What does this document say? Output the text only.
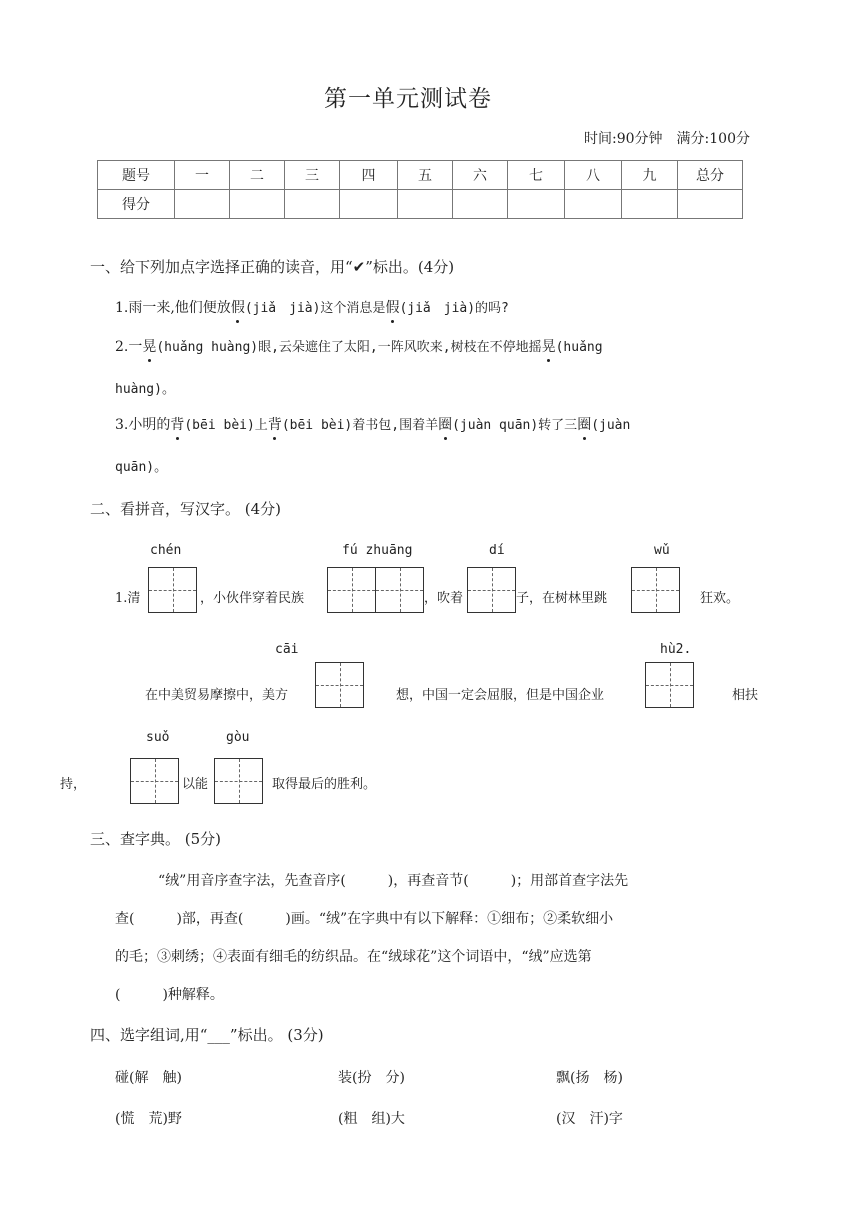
第一单元测试卷
时间:90分钟　满分:100分
题号	一	二	三	四	五	六	七	八	九	总分
得分										
一、给下列加点字选择正确的读音，用“✔”标出。(4分)
1.雨一来,他们便放假(jiǎ　jià)这个消息是假(jiǎ　jià)的吗?
2.一晃(huǎng huàng)眼,云朵遮住了太阳,一阵风吹来,树枝在不停地摇晃(huǎng
huàng)。
3.小明的背(bēi bèi)上背(bēi bèi)着书包,围着羊圈(juàn quān)转了三圈(juàn
quān)。
二、看拼音，写汉字。 (4分)
chén	fú zhuāng	dí	wǔ
1.清	，小伙伴穿着民族	，吹着	子，在树林里跳	狂欢。
cāi	hù2.
在中美贸易摩擦中，美方	想，中国一定会屈服，但是中国企业	相扶
suǒ	gòu
持，	以能	取得最后的胜利。
三、查字典。 (5分)
“绒”用音序查字法，先查音序(　　　)，再查音节(　　　)；用部首查字法先
查(　　　)部，再查(　　　)画。“绒”在字典中有以下解释：①细布；②柔软细小
的毛；③刺绣；④表面有细毛的纺织品。在“绒球花”这个词语中，“绒”应选第
(　　　)种解释。
四、选字组词,用“___”标出。 (3分)
碰(解　触)	装(扮　分)	飘(扬　杨)
(慌　荒)野	(粗　组)大	(汉　汗)字
